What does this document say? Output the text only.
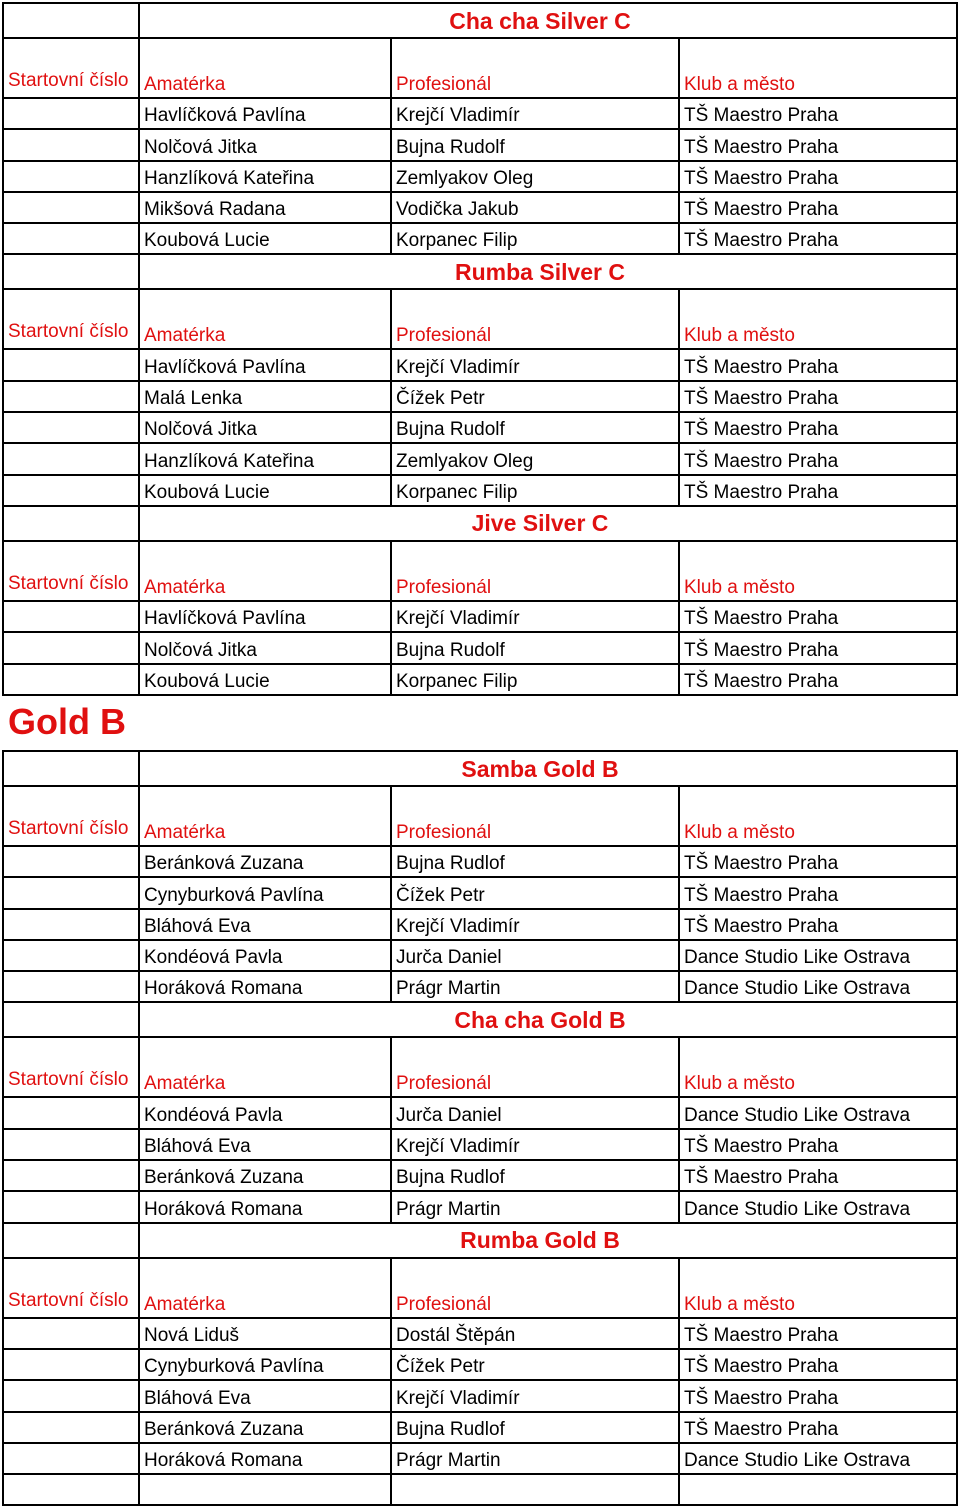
	Cha cha Silver C		
Startovní číslo	Amatérka	Profesionál	Klub a město
	Havlíčková Pavlína	Krejčí Vladimír	TŠ Maestro Praha
	Nolčová Jitka	Bujna Rudolf	TŠ Maestro Praha
	Hanzlíková Kateřina	Zemlyakov Oleg	TŠ Maestro Praha
	Mikšová Radana	Vodička Jakub	TŠ Maestro Praha
	Koubová Lucie	Korpanec Filip	TŠ Maestro Praha
	Rumba Silver C		
Startovní číslo	Amatérka	Profesionál	Klub a město
	Havlíčková Pavlína	Krejčí Vladimír	TŠ Maestro Praha
	Malá Lenka	Čížek Petr	TŠ Maestro Praha
	Nolčová Jitka	Bujna Rudolf	TŠ Maestro Praha
	Hanzlíková Kateřina	Zemlyakov Oleg	TŠ Maestro Praha
	Koubová Lucie	Korpanec Filip	TŠ Maestro Praha
	Jive Silver C		
Startovní číslo	Amatérka	Profesionál	Klub a město
	Havlíčková Pavlína	Krejčí Vladimír	TŠ Maestro Praha
	Nolčová Jitka	Bujna Rudolf	TŠ Maestro Praha
	Koubová Lucie	Korpanec Filip	TŠ Maestro Praha
Gold B
	Samba Gold B		
Startovní číslo	Amatérka	Profesionál	Klub a město
	Beránková Zuzana	Bujna Rudlof	TŠ Maestro Praha
	Cynyburková Pavlína	Čížek Petr	TŠ Maestro Praha
	Bláhová Eva	Krejčí Vladimír	TŠ Maestro Praha
	Kondéová Pavla	Jurča Daniel	Dance Studio Like Ostrava
	Horáková Romana	Prágr Martin	Dance Studio Like Ostrava
	Cha cha Gold B		
Startovní číslo	Amatérka	Profesionál	Klub a město
	Kondéová Pavla	Jurča Daniel	Dance Studio Like Ostrava
	Bláhová Eva	Krejčí Vladimír	TŠ Maestro Praha
	Beránková Zuzana	Bujna Rudlof	TŠ Maestro Praha
	Horáková Romana	Prágr Martin	Dance Studio Like Ostrava
	Rumba Gold B		
Startovní číslo	Amatérka	Profesionál	Klub a město
	Nová Liduš	Dostál Štěpán	TŠ Maestro Praha
	Cynyburková Pavlína	Čížek Petr	TŠ Maestro Praha
	Bláhová Eva	Krejčí Vladimír	TŠ Maestro Praha
	Beránková Zuzana	Bujna Rudlof	TŠ Maestro Praha
	Horáková Romana	Prágr Martin	Dance Studio Like Ostrava
